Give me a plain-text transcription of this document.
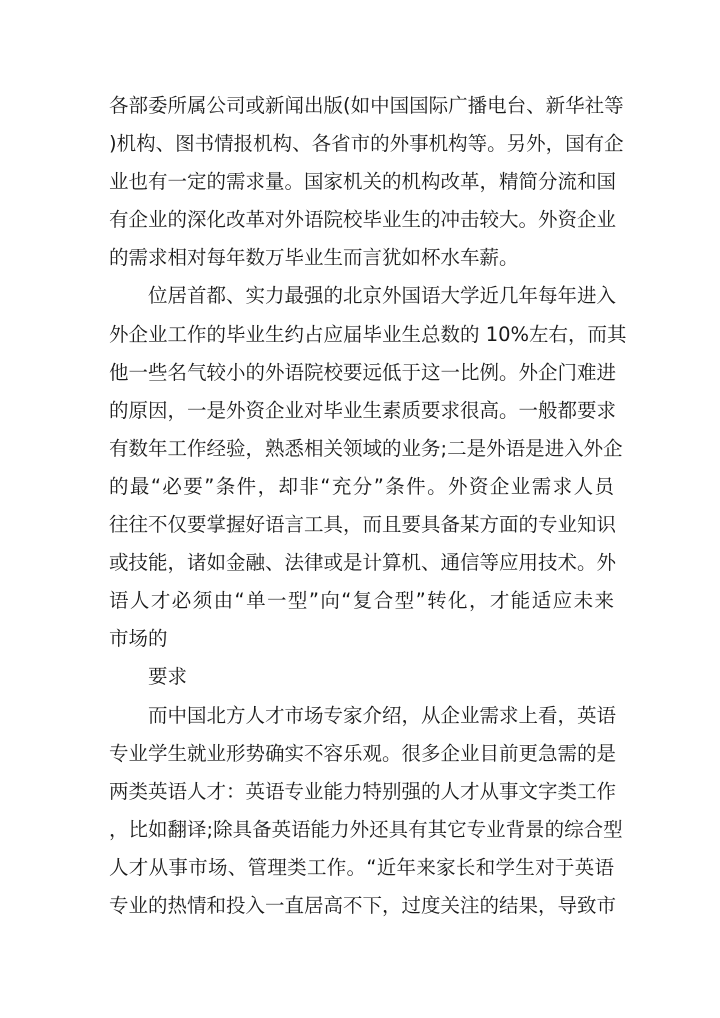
各部委所属公司或新闻出版(如中国国际广播电台、新华社等
)机构、图书情报机构、各省市的外事机构等。另外，国有企
业也有一定的需求量。国家机关的机构改革，精简分流和国
有企业的深化改革对外语院校毕业生的冲击较大。外资企业
的需求相对每年数万毕业生而言犹如杯水车薪。
位居首都、实力最强的北京外国语大学近几年每年进入
外企业工作的毕业生约占应届毕业生总数的 10%左右，而其
他一些名气较小的外语院校要远低于这一比例。外企门难进
的原因，一是外资企业对毕业生素质要求很高。一般都要求
有数年工作经验，熟悉相关领域的业务;二是外语是进入外企
的最“必要”条件，却非“充分”条件。外资企业需求人员
往往不仅要掌握好语言工具，而且要具备某方面的专业知识
或技能，诸如金融、法律或是计算机、通信等应用技术。外
语人才必须由“单一型”向“复合型”转化，才能适应未来
市场的
要求
而中国北方人才市场专家介绍，从企业需求上看，英语
专业学生就业形势确实不容乐观。很多企业目前更急需的是
两类英语人才：英语专业能力特别强的人才从事文字类工作
，比如翻译;除具备英语能力外还具有其它专业背景的综合型
人才从事市场、管理类工作。“近年来家长和学生对于英语
专业的热情和投入一直居高不下，过度关注的结果，导致市
